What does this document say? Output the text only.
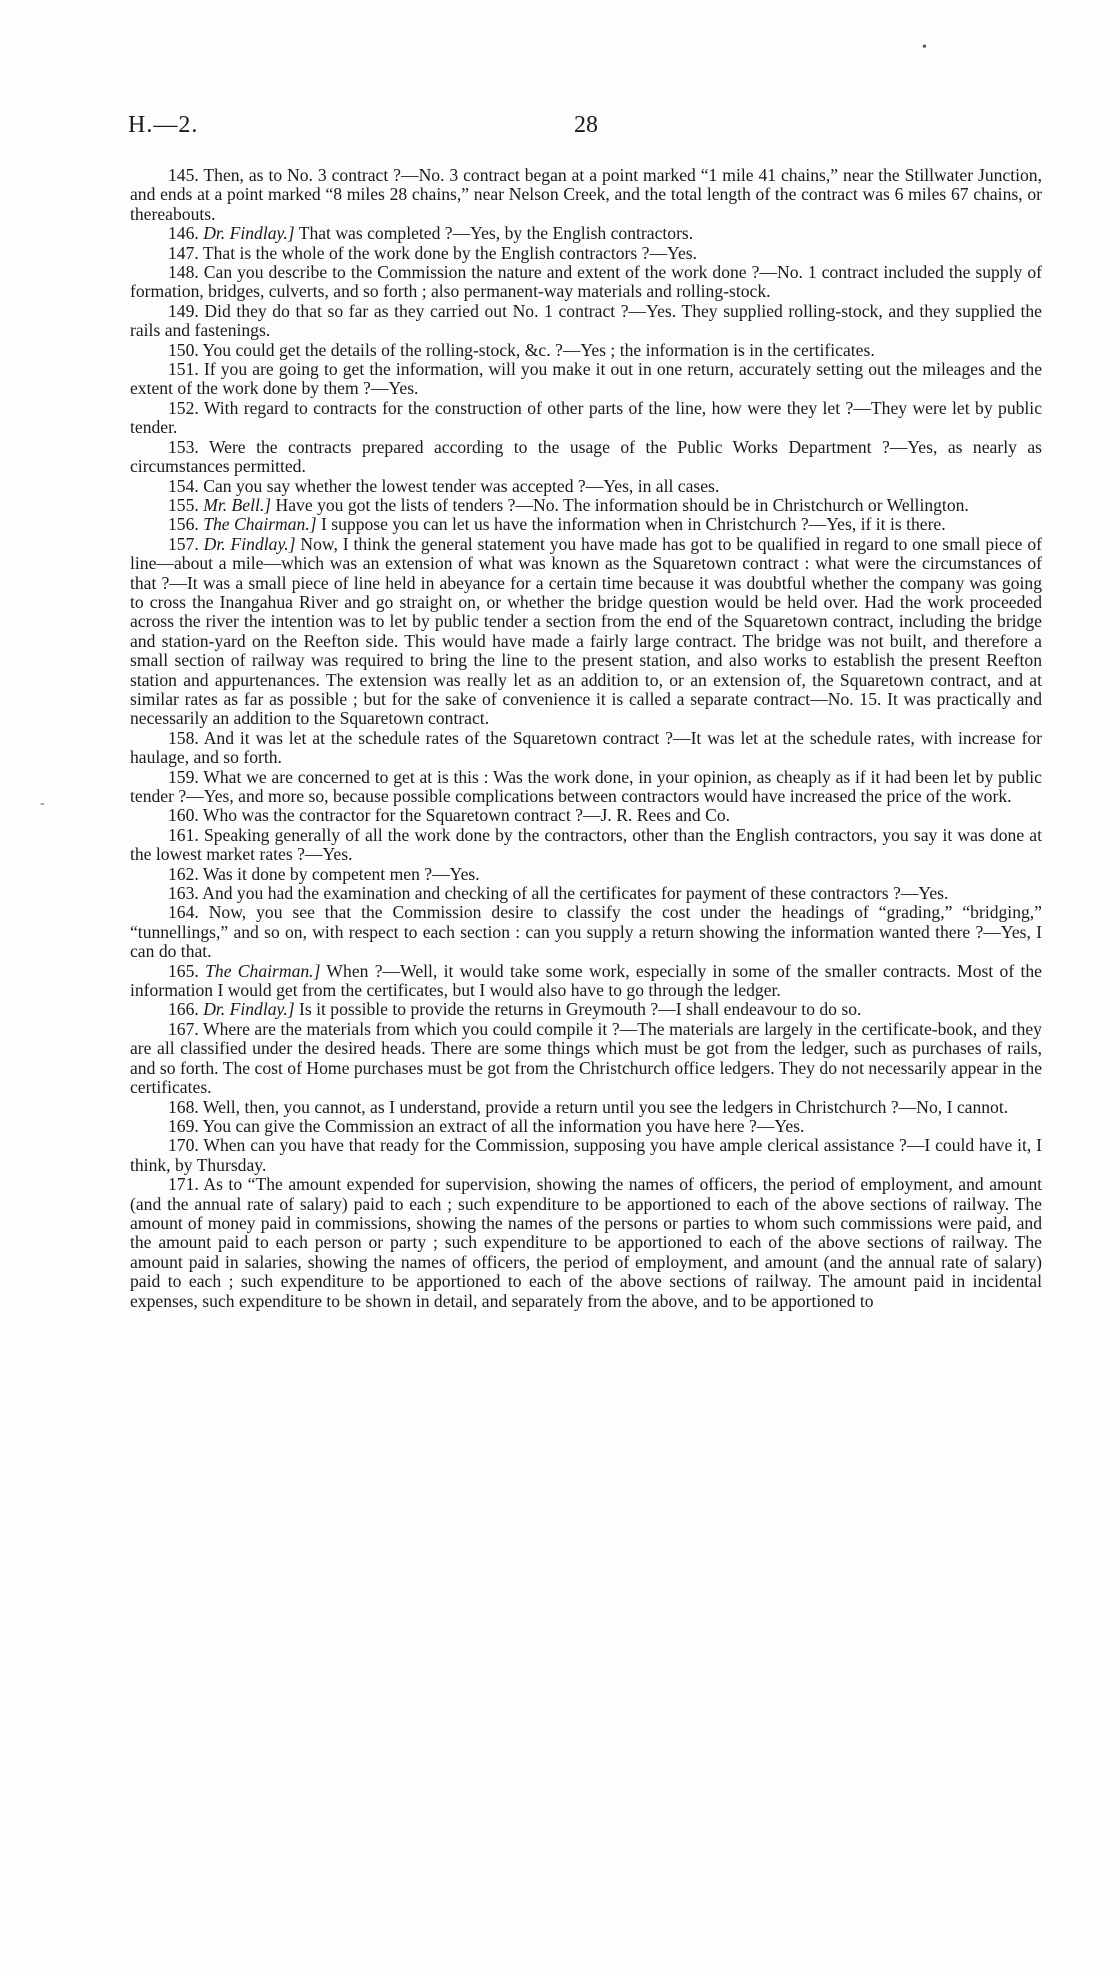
H.—2.	28

145. Then, as to No. 3 contract ?—No. 3 contract began at a point marked “1 mile 41 chains,” near the Stillwater Junction, and ends at a point marked “8 miles 28 chains,” near Nelson Creek, and the total length of the contract was 6 miles 67 chains, or thereabouts.

146. Dr. Findlay.] That was completed ?—Yes, by the English contractors.

147. That is the whole of the work done by the English contractors ?—Yes.

148. Can you describe to the Commission the nature and extent of the work done ?—No. 1 contract included the supply of formation, bridges, culverts, and so forth ; also permanent-way materials and rolling-stock.

149. Did they do that so far as they carried out No. 1 contract ?—Yes. They supplied rolling-stock, and they supplied the rails and fastenings.

150. You could get the details of the rolling-stock, &c. ?—Yes ; the information is in the certificates.

151. If you are going to get the information, will you make it out in one return, accurately setting out the mileages and the extent of the work done by them ?—Yes.

152. With regard to contracts for the construction of other parts of the line, how were they let ?—They were let by public tender.

153. Were the contracts prepared according to the usage of the Public Works Department ?—Yes, as nearly as circumstances permitted.

154. Can you say whether the lowest tender was accepted ?—Yes, in all cases.

155. Mr. Bell.] Have you got the lists of tenders ?—No. The information should be in Christchurch or Wellington.

156. The Chairman.] I suppose you can let us have the information when in Christchurch ?—Yes, if it is there.

157. Dr. Findlay.] Now, I think the general statement you have made has got to be qualified in regard to one small piece of line—about a mile—which was an extension of what was known as the Squaretown contract : what were the circumstances of that ?—It was a small piece of line held in abeyance for a certain time because it was doubtful whether the company was going to cross the Inangahua River and go straight on, or whether the bridge question would be held over. Had the work proceeded across the river the intention was to let by public tender a section from the end of the Squaretown contract, including the bridge and station-yard on the Reefton side. This would have made a fairly large contract. The bridge was not built, and therefore a small section of railway was required to bring the line to the present station, and also works to establish the present Reefton station and appurtenances. The extension was really let as an addition to, or an extension of, the Squaretown contract, and at similar rates as far as possible ; but for the sake of convenience it is called a separate contract—No. 15. It was practically and necessarily an addition to the Squaretown contract.

158. And it was let at the schedule rates of the Squaretown contract ?—It was let at the schedule rates, with increase for haulage, and so forth.

159. What we are concerned to get at is this : Was the work done, in your opinion, as cheaply as if it had been let by public tender ?—Yes, and more so, because possible complications between contractors would have increased the price of the work.

160. Who was the contractor for the Squaretown contract ?—J. R. Rees and Co.

161. Speaking generally of all the work done by the contractors, other than the English contractors, you say it was done at the lowest market rates ?—Yes.

162. Was it done by competent men ?—Yes.

163. And you had the examination and checking of all the certificates for payment of these contractors ?—Yes.

164. Now, you see that the Commission desire to classify the cost under the headings of “grading,” “bridging,” “tunnellings,” and so on, with respect to each section : can you supply a return showing the information wanted there ?—Yes, I can do that.

165. The Chairman.] When ?—Well, it would take some work, especially in some of the smaller contracts. Most of the information I would get from the certificates, but I would also have to go through the ledger.

166. Dr. Findlay.] Is it possible to provide the returns in Greymouth ?—I shall endeavour to do so.

167. Where are the materials from which you could compile it ?—The materials are largely in the certificate-book, and they are all classified under the desired heads. There are some things which must be got from the ledger, such as purchases of rails, and so forth. The cost of Home purchases must be got from the Christchurch office ledgers. They do not necessarily appear in the certificates.

168. Well, then, you cannot, as I understand, provide a return until you see the ledgers in Christchurch ?—No, I cannot.

169. You can give the Commission an extract of all the information you have here ?—Yes.

170. When can you have that ready for the Commission, supposing you have ample clerical assistance ?—I could have it, I think, by Thursday.

171. As to “The amount expended for supervision, showing the names of officers, the period of employment, and amount (and the annual rate of salary) paid to each ; such expenditure to be apportioned to each of the above sections of railway. The amount of money paid in commissions, showing the names of the persons or parties to whom such commissions were paid, and the amount paid to each person or party ; such expenditure to be apportioned to each of the above sections of railway. The amount paid in salaries, showing the names of officers, the period of employment, and amount (and the annual rate of salary) paid to each ; such expenditure to be apportioned to each of the above sections of railway. The amount paid in incidental expenses, such expenditure to be shown in detail, and separately from the above, and to be apportioned to

•
-
